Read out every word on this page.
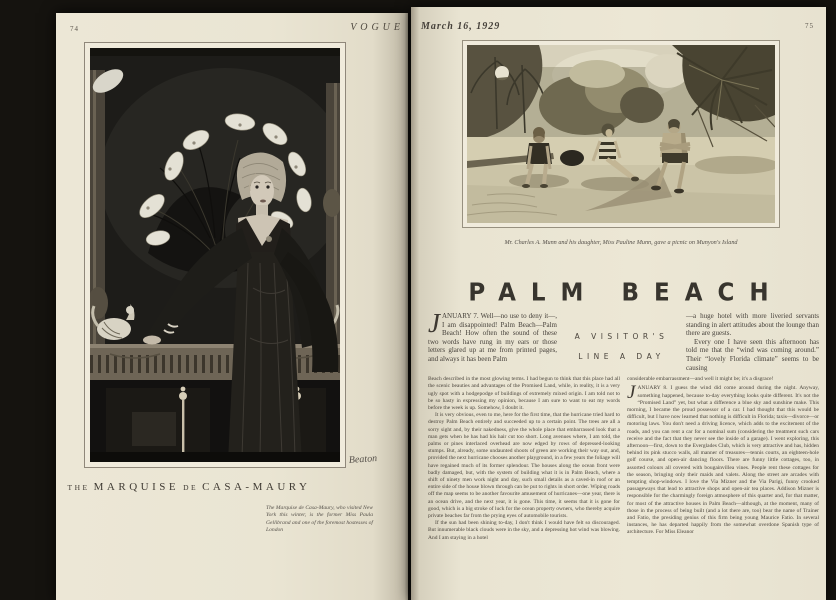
74	VOGUE
Beaton
THE MARQUISE DE CASA-MAURY
The Marquise de Casa-Maury, who visited New York this winter, is the former Miss Paula Gellibrand and one of the foremost hostesses of London
March 16, 1929	75
Mr. Charles A. Munn and his daughter, Miss Pauline Munn, gave a picnic on Munyon's Island
PALM BEACH

JANUARY 7. Well—no use to deny it—, I am disappointed! Palm Beach—Palm Beach! How often the sound of these two words have rung in my ears or those letters glared up at me from printed pages, and always it has been Palm

A VISITOR'S
LINE A DAY

—a huge hotel with more liveried servants standing in alert attitudes about the lounge than there are guests.

Every one I have seen this afternoon has told me that the “wind was coming around.” Their “lovely Florida climate” seems to be causing

Beach described in the most glowing terms. I had begun to think that this place had all the scenic beauties and advantages of the Promised Land, while, in reality, it is a very ugly spot with a hodgepodge of buildings of extremely mixed origin. I am told not to be so hasty in expressing my opinion, because I am sure to want to eat my words before the week is up. Somehow, I doubt it.

It is very obvious, even to me, here for the first time, that the hurricane tried hard to destroy Palm Beach entirely and succeeded up to a certain point. The trees are all a sorry sight and, by their nakedness, give the whole place that embarrassed look that a man gets when he has had his hair cut too short. Long avenues where, I am told, the palms or pines interlaced overhead are now edged by rows of depressed-looking stumps. But, already, some undaunted shoots of green are working their way out, and, provided the next hurricane chooses another playground, in a few years the foliage will have regained much of its former splendour. The houses along the ocean front were badly damaged, but, with the system of building what it is in Palm Beach, where a shift of ninety men work night and day, such small details as a caved-in roof or an entire side of the house blown through can be put to rights in short order. Wiping roads off the map seems to be another favourite amusement of hurricanes—one year, there is an ocean drive, and the next year, it is gone. This time, it seems that it is gone for good, which is a big stroke of luck for the ocean property owners, who thereby acquire private beaches far from the prying eyes of automobile tourists.

If the sun had been shining to-day, I don't think I would have felt so discouraged. But innumerable black clouds were in the sky, and a depressing hot wind was blowing. And I am staying in a hotel

considerable embarrassment—and well it might be; it's a disgrace!

JANUARY 8. I guess the wind did come around during the night. Anyway, something happened, because to-day everything looks quite different. It's not the “Promised Land” yet, but what a difference a blue sky and sunshine make. This morning, I became the proud possessor of a car. I had thought that this would be difficult, but I have now learned that nothing is difficult in Florida; taxis—divorce—or motoring laws. You don't need a driving licence, which adds to the excitement of the roads, and you can rent a car for a nominal sum (considering the treatment such cars receive and the fact that they never see the inside of a garage). I went exploring, this afternoon—first, down to the Everglades Club, which is very attractive and has, hidden behind its pink stucco walls, all manner of treasures—tennis courts, an eighteen-hole golf course, and open-air dancing floors. There are funny little cottages, too, in assorted colours all covered with bougainvillea vines. People rent these cottages for the season, bringing only their maids and valets. Along the street are arcades with tempting shop-windows. I love the Via Mizner and the Via Parigi, funny crooked passageways that lead to attractive shops and open-air tea places. Addison Mizner is responsible for the charmingly foreign atmosphere of this quarter and, for that matter, for most of the attractive houses in Palm Beach—although, at the moment, many of those in the process of being built (and a lot there are, too) bear the name of Trainer and Fatio, the presiding genius of this firm being young Maurice Fatio. In several instances, he has departed happily from the somewhat overdone Spanish type of architecture. For Miss Eleanor
